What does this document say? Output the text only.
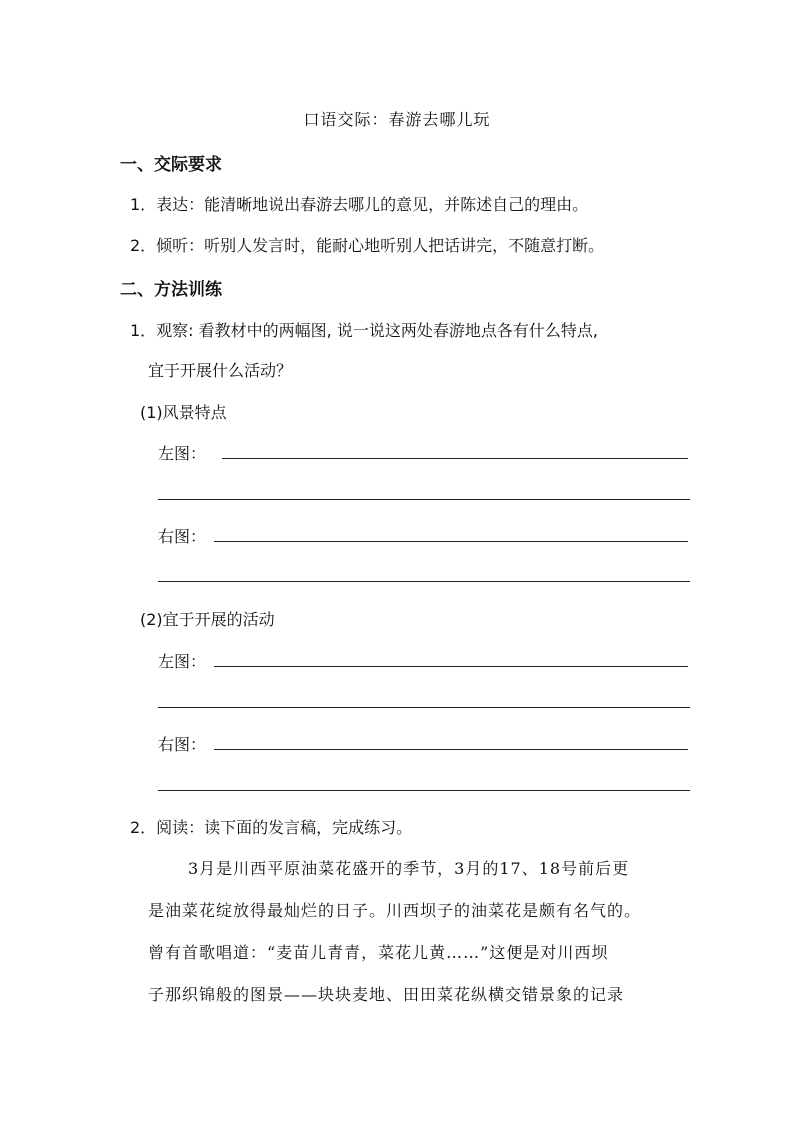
口语交际：春游去哪儿玩
一、交际要求
1．表达：能清晰地说出春游去哪儿的意见，并陈述自己的理由。
2．倾听：听别人发言时，能耐心地听别人把话讲完，不随意打断。
二、方法训练
1．观察: 看教材中的两幅图, 说一说这两处春游地点各有什么特点,
宜于开展什么活动？
(1)风景特点
左图：
右图：
(2)宜于开展的活动
左图：
右图：
2．阅读：读下面的发言稿，完成练习。
3月是川西平原油菜花盛开的季节，3月的17、18号前后更
是油菜花绽放得最灿烂的日子。川西坝子的油菜花是颇有名气的。
曾有首歌唱道：“麦苗儿青青，菜花儿黄……”这便是对川西坝
子那织锦般的图景——块块麦地、田田菜花纵横交错景象的记录
